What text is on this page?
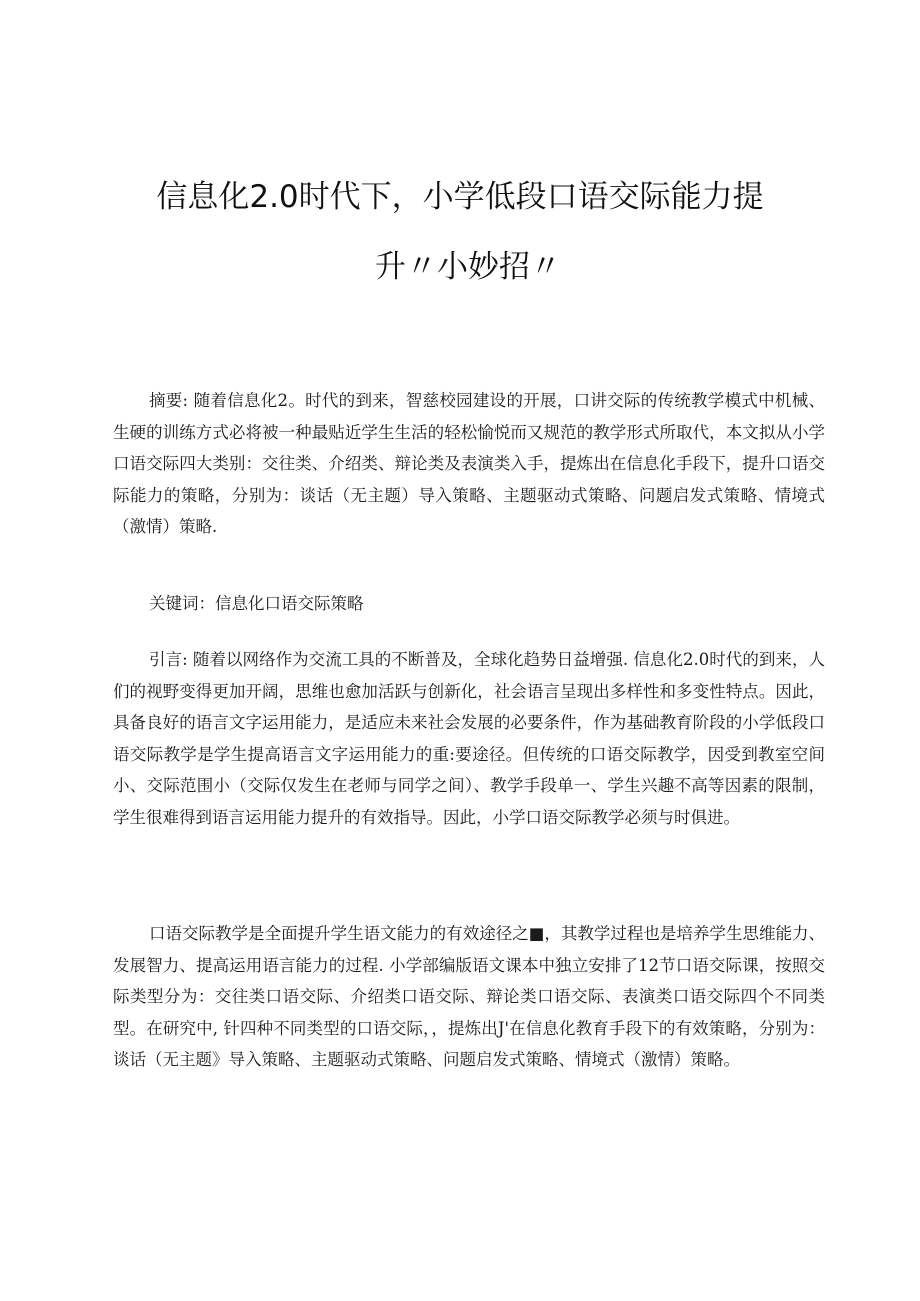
信息化2.0时代下，小学低段口语交际能力提
升〃小妙招〃

摘要: 随着信息化2。时代的到来，智慈校园建设的开展，口讲交际的传统教学模式中机械、生硬的训练方式必将被一种最贴近学生生活的轻松愉悦而又规范的教学形式所取代，本文拟从小学口语交际四大类别：交往类、介绍类、辩论类及表演类入手，提炼出在信息化手段下，提升口语交际能力的策略，分别为：谈话（无主题）导入策略、主题驱动式策略、问题启发式策略、情境式（激情）策略.

关键词：信息化口语交际策略

引言: 随着以网络作为交流工具的不断普及，全球化趋势日益增强. 信息化2.0时代的到来，人们的视野变得更加开阔，思维也愈加活跃与创新化，社会语言呈现出多样性和多变性特点。因此，具备良好的语言文字运用能力，是适应未来社会发展的必要条件，作为基础教育阶段的小学低段口语交际教学是学生提高语言文字运用能力的重:要途径。但传统的口语交际教学，因受到教室空间小、交际范围小（交际仅发生在老师与同学之间）、教学手段单一、学生兴趣不高等因素的限制，学生很难得到语言运用能力提升的有效指导。因此，小学口语交际教学必须与时俱进。

口语交际教学是全面提升学生语文能力的有效途径之■，其教学过程也是培养学生思维能力、发展智力、提高运用语言能力的过程. 小学部编版语文课本中独立安排了12节口语交际课，按照交际类型分为：交往类口语交际、介绍类口语交际、辩论类口语交际、表演类口语交际四个不同类型。在研究中, 针四种不同类型的口语交际，，提炼出J'在信息化教育手段下的有效策略，分别为：谈话（无主题》导入策略、主题驱动式策略、问题启发式策略、情境式（激情）策略。
